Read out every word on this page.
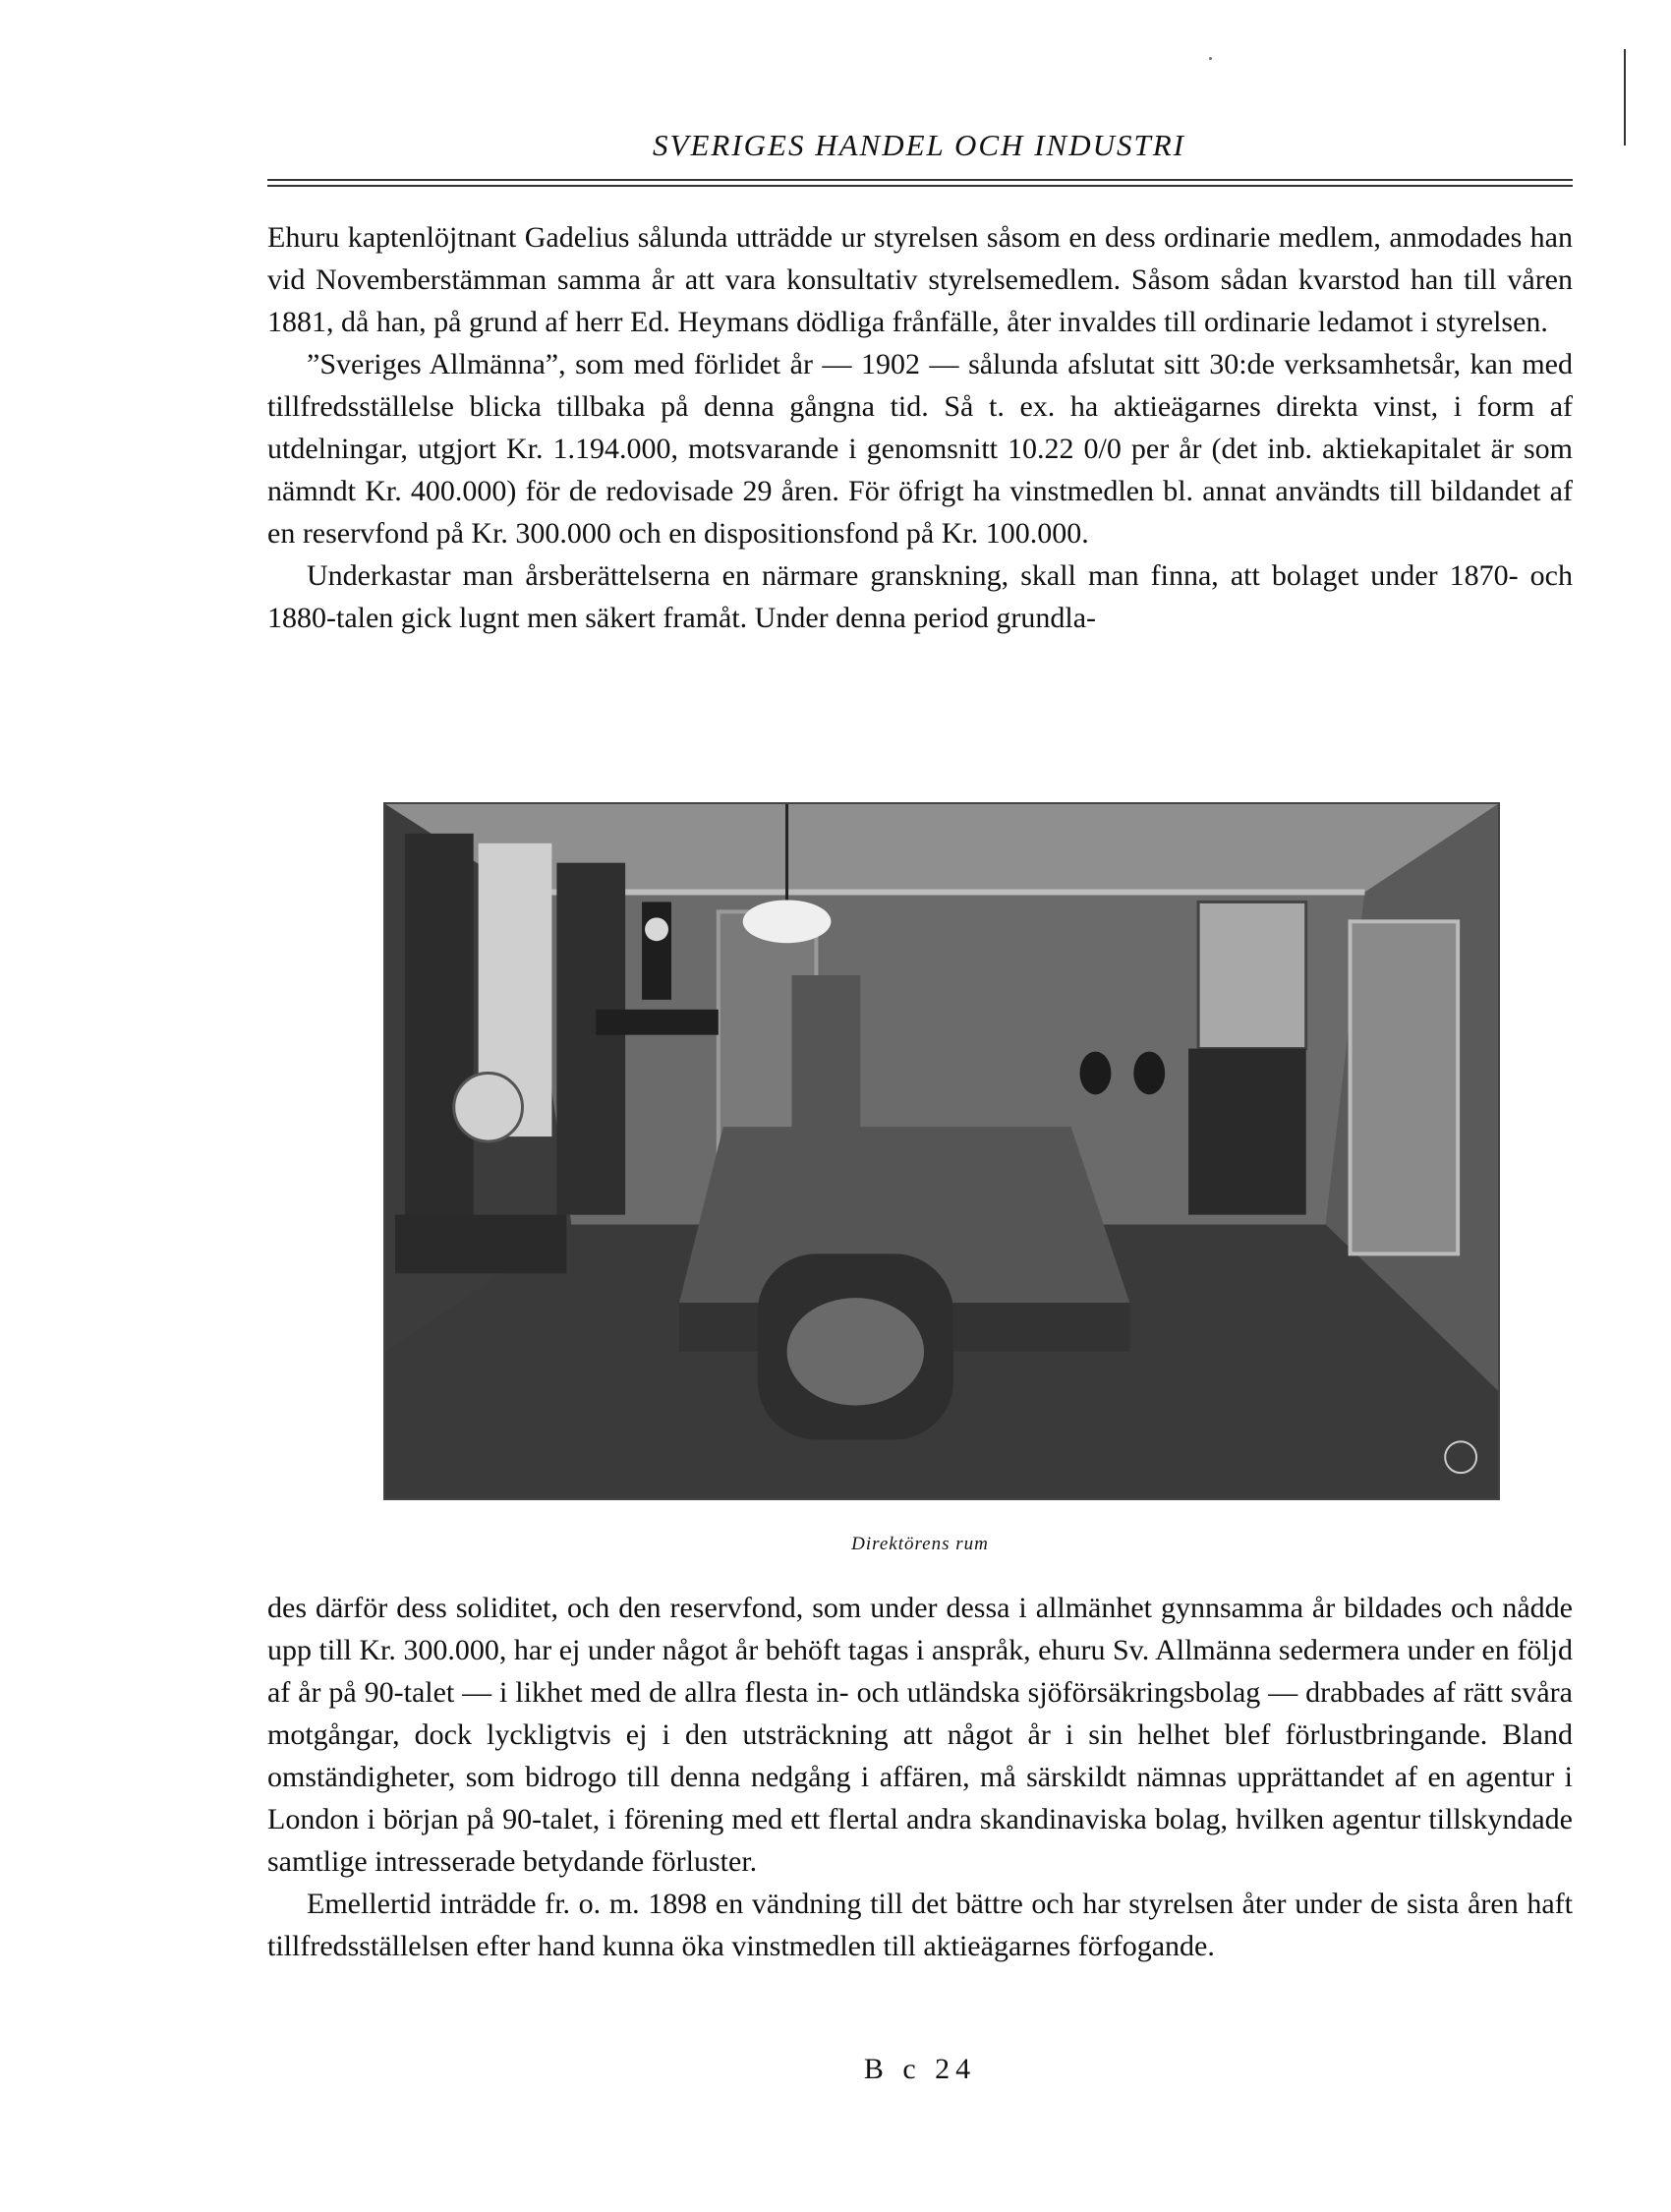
SVERIGES HANDEL OCH INDUSTRI

Ehuru kaptenlöjtnant Gadelius sålunda utträdde ur styrelsen såsom en dess ordinarie medlem, anmodades han vid Novemberstämman samma år att vara konsultativ styrelsemedlem. Såsom sådan kvarstod han till våren 1881, då han, på grund af herr Ed. Heymans dödliga frånfälle, åter invaldes till ordinarie ledamot i styrelsen.

”Sveriges Allmänna”, som med förlidet år — 1902 — sålunda afslutat sitt 30:de verksamhetsår, kan med tillfredsställelse blicka tillbaka på denna gångna tid. Så t. ex. ha aktieägarnes direkta vinst, i form af utdelningar, utgjort Kr. 1.194.000, motsvarande i genomsnitt 10.22 0/0 per år (det inb. aktiekapitalet är som nämndt Kr. 400.000) för de redovisade 29 åren. För öfrigt ha vinstmedlen bl. annat användts till bildandet af en reservfond på Kr. 300.000 och en dispositionsfond på Kr. 100.000.

Underkastar man årsberättelserna en närmare granskning, skall man finna, att bolaget under 1870- och 1880-talen gick lugnt men säkert framåt. Under denna period grundla-

Direktörens rum

des därför dess soliditet, och den reservfond, som under dessa i allmänhet gynnsamma år bildades och nådde upp till Kr. 300.000, har ej under något år behöft tagas i anspråk, ehuru Sv. Allmänna sedermera under en följd af år på 90-talet — i likhet med de allra flesta in- och utländska sjöförsäkringsbolag — drabbades af rätt svåra motgångar, dock lyckligtvis ej i den utsträckning att något år i sin helhet blef förlustbringande. Bland omständigheter, som bidrogo till denna nedgång i affären, må särskildt nämnas upprättandet af en agentur i London i början på 90-talet, i förening med ett flertal andra skandinaviska bolag, hvilken agentur tillskyndade samtlige intresserade betydande förluster.

Emellertid inträdde fr. o. m. 1898 en vändning till det bättre och har styrelsen åter under de sista åren haft tillfredsställelsen efter hand kunna öka vinstmedlen till aktieägarnes förfogande.

B c 24
